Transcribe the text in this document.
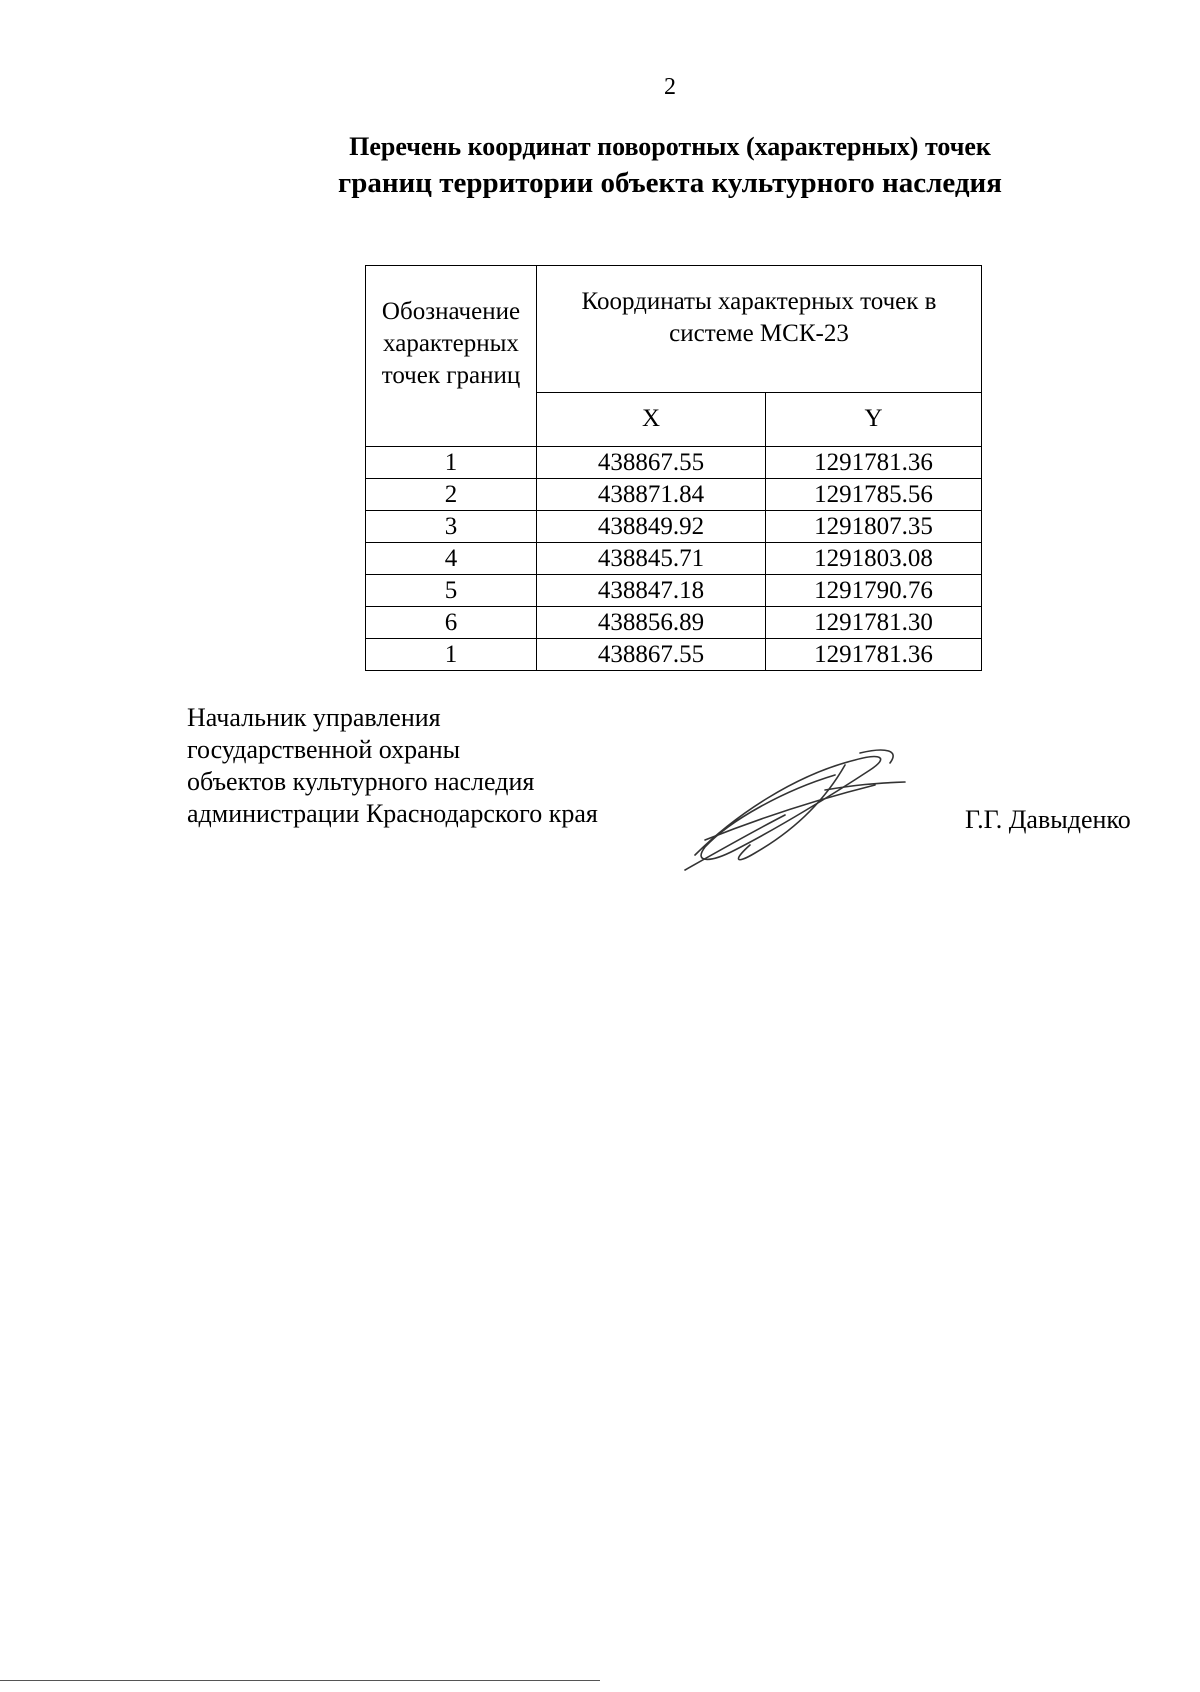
2
Перечень координат поворотных (характерных) точек
границ территории объекта культурного наследия
Обозначение характерных точек границ	Координаты характерных точек в системе МСК-23	
	X	Y
1	438867.55	1291781.36
2	438871.84	1291785.56
3	438849.92	1291807.35
4	438845.71	1291803.08
5	438847.18	1291790.76
6	438856.89	1291781.30
1	438867.55	1291781.36
Начальник управления
государственной охраны
объектов культурного наследия
администрации Краснодарского края	Г.Г. Давыденко
